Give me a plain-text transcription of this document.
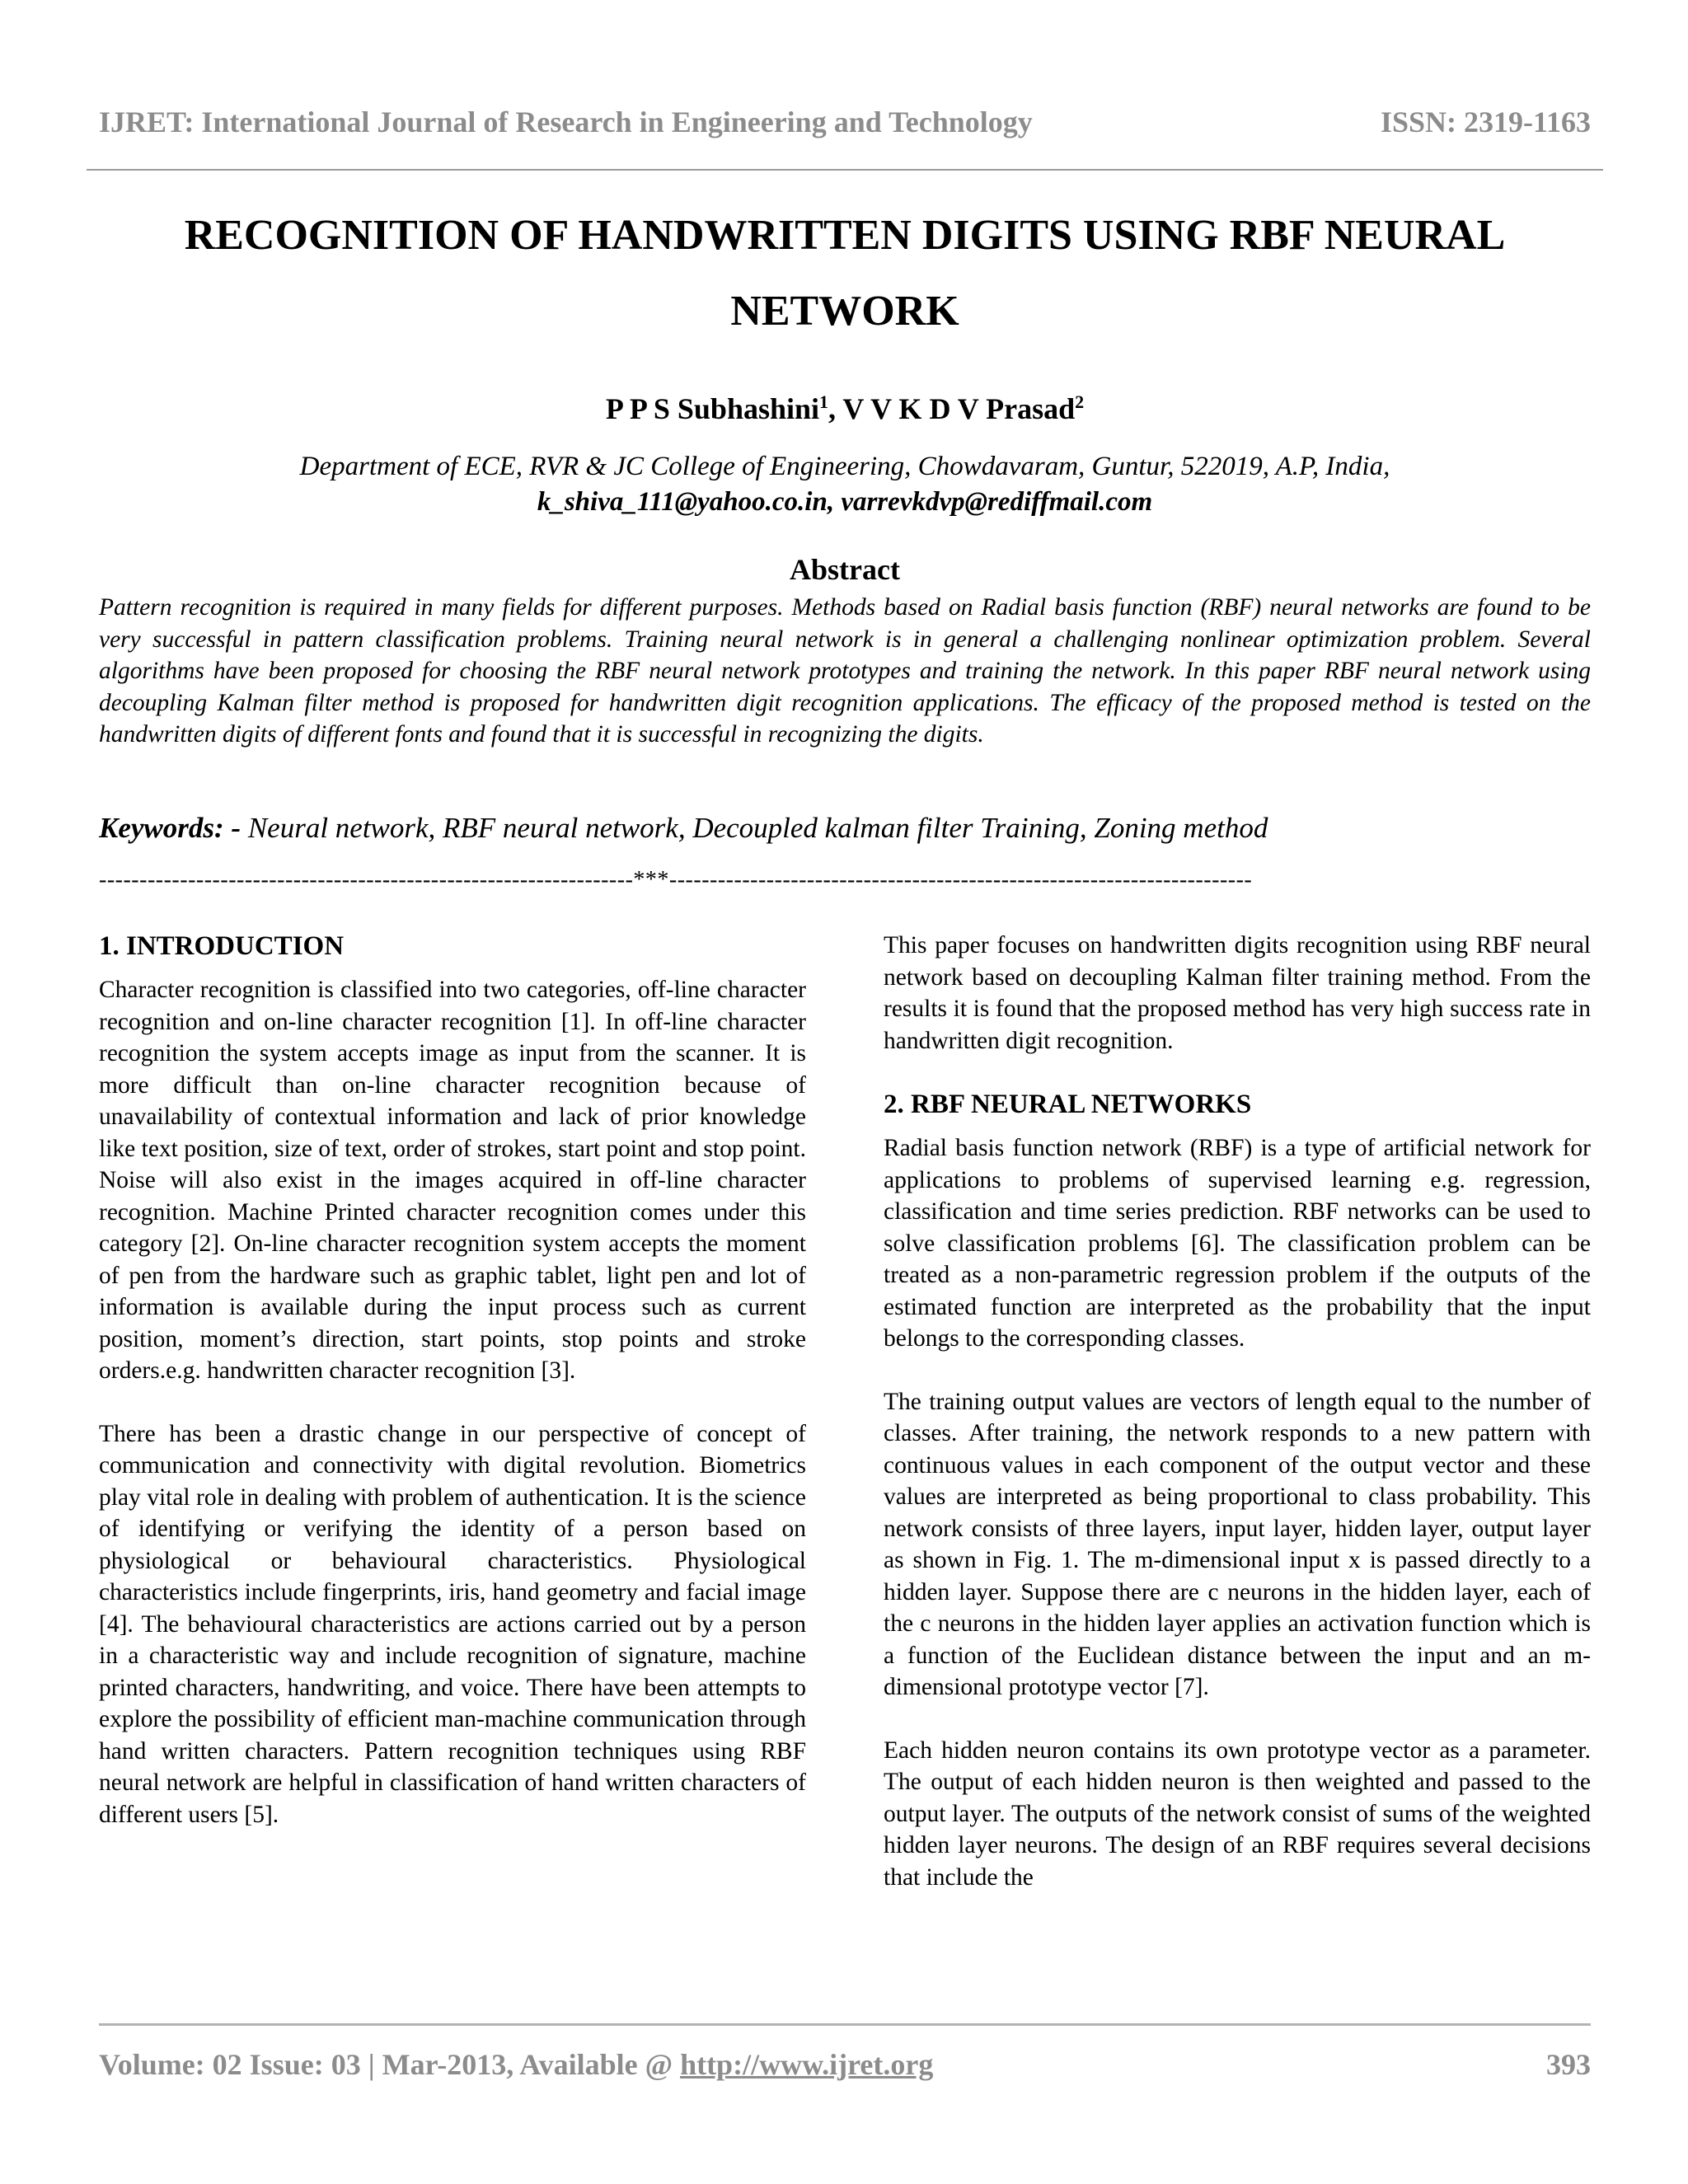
IJRET: International Journal of Research in Engineering and Technology	ISSN: 2319-1163
RECOGNITION OF HANDWRITTEN DIGITS USING RBF NEURAL
NETWORK
P P S Subhashini$^1$, V V K D V Prasad$^2$
Department of ECE, RVR & JC College of Engineering, Chowdavaram, Guntur, 522019, A.P, India,
k_shiva_111@yahoo.co.in, varrevkdvp@rediffmail.com
Abstract
Pattern recognition is required in many fields for different purposes. Methods based on Radial basis function (RBF) neural networks are found to be very successful in pattern classification problems. Training neural network is in general a challenging nonlinear optimization problem. Several algorithms have been proposed for choosing the RBF neural network prototypes and training the network. In this paper RBF neural network using decoupling Kalman filter method is proposed for handwritten digit recognition applications. The efficacy of the proposed method is tested on the handwritten digits of different fonts and found that it is successful in recognizing the digits.
Keywords: - Neural network, RBF neural network, Decoupled kalman filter Training, Zoning method
------------------------------------------------------------------***------------------------------------------------------------------------
1. INTRODUCTION

Character recognition is classified into two categories, off-line character recognition and on-line character recognition [1]. In off-line character recognition the system accepts image as input from the scanner. It is more difficult than on-line character recognition because of unavailability of contextual information and lack of prior knowledge like text position, size of text, order of strokes, start point and stop point. Noise will also exist in the images acquired in off-line character recognition. Machine Printed character recognition comes under this category [2]. On-line character recognition system accepts the moment of pen from the hardware such as graphic tablet, light pen and lot of information is available during the input process such as current position, moment’s direction, start points, stop points and stroke orders.e.g. handwritten character recognition [3].

There has been a drastic change in our perspective of concept of communication and connectivity with digital revolution. Biometrics play vital role in dealing with problem of authentication. It is the science of identifying or verifying the identity of a person based on physiological or behavioural characteristics. Physiological characteristics include fingerprints, iris, hand geometry and facial image [4]. The behavioural characteristics are actions carried out by a person in a characteristic way and include recognition of signature, machine printed characters, handwriting, and voice. There have been attempts to explore the possibility of efficient man-machine communication through hand written characters. Pattern recognition techniques using RBF neural network are helpful in classification of hand written characters of different users [5].

This paper focuses on handwritten digits recognition using RBF neural network based on decoupling Kalman filter training method. From the results it is found that the proposed method has very high success rate in handwritten digit recognition.

2. RBF NEURAL NETWORKS

Radial basis function network (RBF) is a type of artificial network for applications to problems of supervised learning e.g. regression, classification and time series prediction. RBF networks can be used to solve classification problems [6]. The classification problem can be treated as a non-parametric regression problem if the outputs of the estimated function are interpreted as the probability that the input belongs to the corresponding classes.

The training output values are vectors of length equal to the number of classes. After training, the network responds to a new pattern with continuous values in each component of the output vector and these values are interpreted as being proportional to class probability. This network consists of three layers, input layer, hidden layer, output layer as shown in Fig. 1. The m-dimensional input x is passed directly to a hidden layer. Suppose there are c neurons in the hidden layer, each of the c neurons in the hidden layer applies an activation function which is a function of the Euclidean distance between the input and an m-dimensional prototype vector [7].

Each hidden neuron contains its own prototype vector as a parameter. The output of each hidden neuron is then weighted and passed to the output layer. The outputs of the network consist of sums of the weighted hidden layer neurons. The design of an RBF requires several decisions that include the

Volume: 02 Issue: 03 | Mar-2013, Available @ http://www.ijret.org	393
